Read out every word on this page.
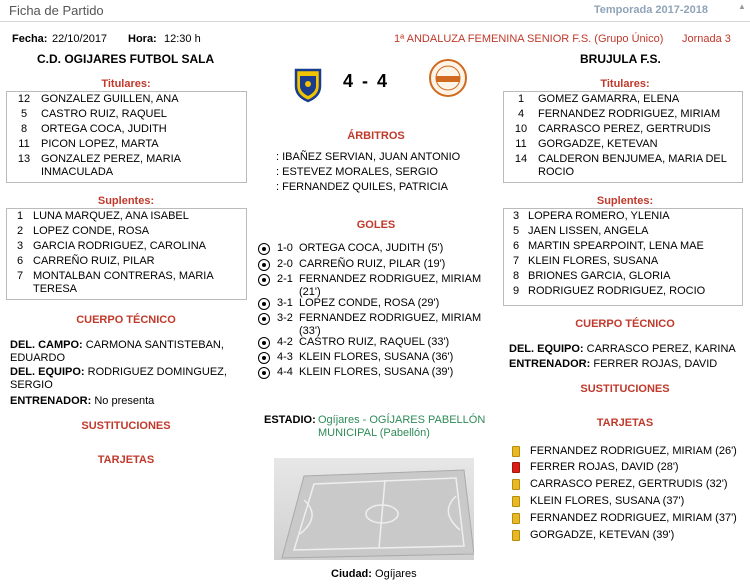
Ficha de Partido	Temporada 2017-2018	▲
Fecha: 22/10/2017 Hora: 12:30 h	1ª ANDALUZA FEMENINA SENIOR F.S. (Grupo Único) Jornada 3
C.D. OGIJARES FUTBOL SALA	BRUJULA F.S.
4 - 4
Titulares:
12 GONZALEZ GUILLEN, ANA
5	CASTRO RUIZ, RAQUEL
8	ORTEGA COCA, JUDITH
11	PICON LOPEZ, MARTA
13 GONZALEZ PEREZ, MARIA INMACULADA
Suplentes:
1 LUNA MARQUEZ, ANA ISABEL
2 LOPEZ CONDE, ROSA
3 GARCIA RODRIGUEZ, CAROLINA
6 CARREÑO RUIZ, PILAR
7 MONTALBAN CONTRERAS, MARIA TERESA
CUERPO TÉCNICO
DEL. CAMPO: CARMONA SANTISTEBAN, EDUARDO
DEL. EQUIPO: RODRIGUEZ DOMINGUEZ, SERGIO
ENTRENADOR: No presenta
SUSTITUCIONES
TARJETAS
ÁRBITROS
: IBAÑEZ SERVIAN, JUAN ANTONIO
: ESTEVEZ MORALES, SERGIO
: FERNANDEZ QUILES, PATRICIA
GOLES
1-0 ORTEGA COCA, JUDITH (5')
2-0 CARREÑO RUIZ, PILAR (19')
2-1 FERNANDEZ RODRIGUEZ, MIRIAM (21')
3-1 LOPEZ CONDE, ROSA (29')
3-2 FERNANDEZ RODRIGUEZ, MIRIAM (33')
4-2 CASTRO RUIZ, RAQUEL (33')
4-3 KLEIN FLORES, SUSANA (36')
4-4 KLEIN FLORES, SUSANA (39')
ESTADIO: Ogíjares - OGÍJARES PABELLÓN MUNICIPAL (Pabellón)
Ciudad: Ogíjares
Titulares:
1	GOMEZ GAMARRA, ELENA
4	FERNANDEZ RODRIGUEZ, MIRIAM
10 CARRASCO PEREZ, GERTRUDIS
11	GORGADZE, KETEVAN
14 CALDERON BENJUMEA, MARIA DEL ROCIO
Suplentes:
3 LOPERA ROMERO, YLENIA
5 JAEN LISSEN, ANGELA
6 MARTIN SPEARPOINT, LENA MAE
7 KLEIN FLORES, SUSANA
8 BRIONES GARCIA, GLORIA
9 RODRIGUEZ RODRIGUEZ, ROCIO
CUERPO TÉCNICO
DEL. EQUIPO: CARRASCO PEREZ, KARINA
ENTRENADOR: FERRER ROJAS, DAVID
SUSTITUCIONES
TARJETAS
FERNANDEZ RODRIGUEZ, MIRIAM (26')
FERRER ROJAS, DAVID (28')
CARRASCO PEREZ, GERTRUDIS (32')
KLEIN FLORES, SUSANA (37')
FERNANDEZ RODRIGUEZ, MIRIAM (37')
GORGADZE, KETEVAN (39')
